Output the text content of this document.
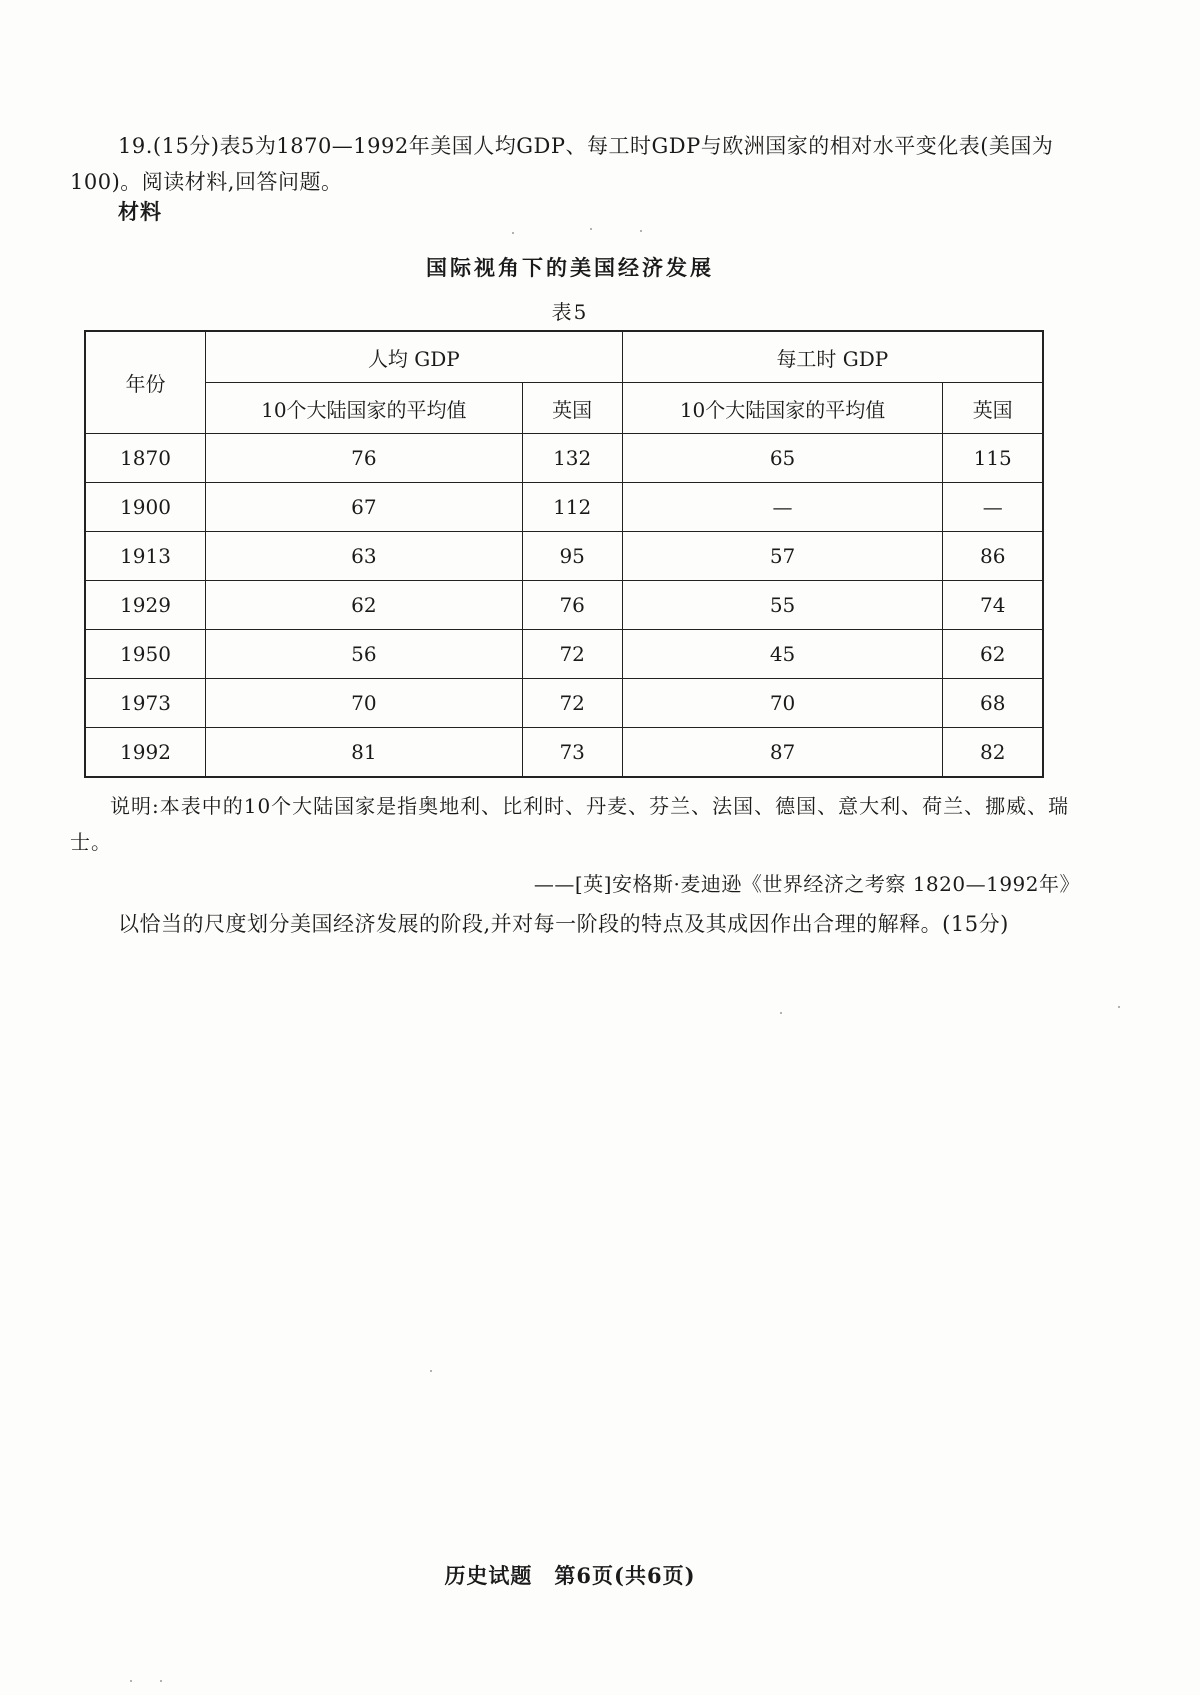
19.(15分)表5为1870—1992年美国人均GDP、每工时GDP与欧洲国家的相对水平变化表(美国为100)。阅读材料,回答问题。
材料
国际视角下的美国经济发展
表5
年份	人均 GDP		每工时 GDP	
	10个大陆国家的平均值	英国	10个大陆国家的平均值	英国
1870	76	132	65	115
1900	67	112	—	—
1913	63	95	57	86
1929	62	76	55	74
1950	56	72	45	62
1973	70	72	70	68
1992	81	73	87	82
说明:本表中的10个大陆国家是指奥地利、比利时、丹麦、芬兰、法国、德国、意大利、荷兰、挪威、瑞士。
——[英]安格斯·麦迪逊《世界经济之考察 1820—1992年》
以恰当的尺度划分美国经济发展的阶段,并对每一阶段的特点及其成因作出合理的解释。(15分)
历史试题　第6页(共6页)
